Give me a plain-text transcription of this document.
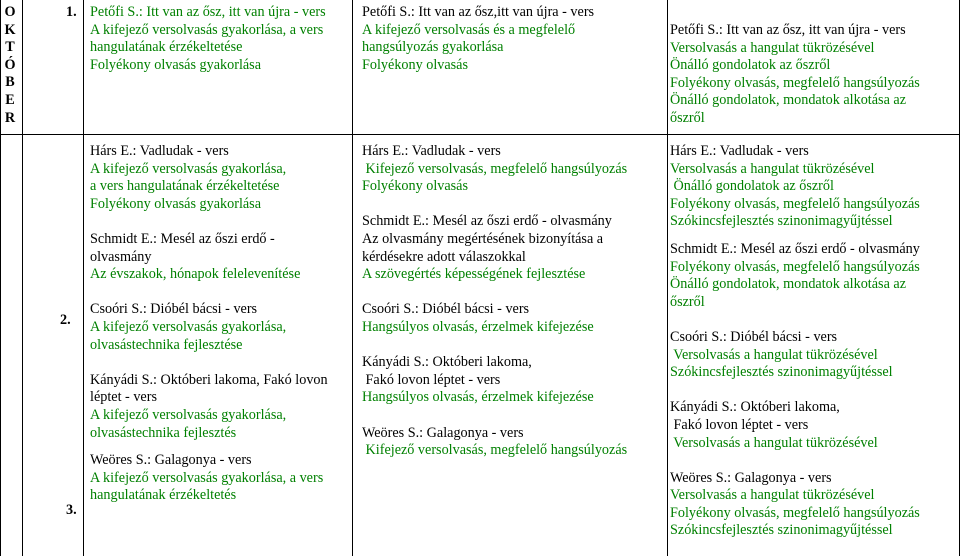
O
K
T
Ó
B
E
R
1.
2.
3.
Petőfi S.: Itt van az ősz, itt van újra - vers
A kifejező versolvasás gyakorlása, a vers
hangulatának érzékeltetése
Folyékony olvasás gyakorlása
Petőfi S.: Itt van az ősz,itt van újra - vers
A kifejező versolvasás és a megfelelő
hangsúlyozás gyakorlása
Folyékony olvasás
Petőfi S.: Itt van az ősz, itt van újra - vers
Versolvasás a hangulat tükrözésével
Önálló gondolatok az őszről
Folyékony olvasás, megfelelő hangsúlyozás
Önálló gondolatok, mondatok alkotása az
őszről
Hárs E.: Vadludak - vers
A kifejező versolvasás gyakorlása,
a vers hangulatának érzékeltetése
Folyékony olvasás gyakorlása
Schmidt E.: Mesél az őszi erdő -
olvasmány
Az évszakok, hónapok felelevenítése
Csoóri S.: Dióbél bácsi - vers
A kifejező versolvasás gyakorlása,
olvasástechnika fejlesztése
Kányádi S.: Októberi lakoma, Fakó lovon
léptet - vers
A kifejező versolvasás gyakorlása,
olvasástechnika fejlesztés
Weöres S.: Galagonya - vers
A kifejező versolvasás gyakorlása, a vers
hangulatának érzékeltetés
Hárs E.: Vadludak - vers
Kifejező versolvasás, megfelelő hangsúlyozás
Folyékony olvasás
Schmidt E.: Mesél az őszi erdő - olvasmány
Az olvasmány megértésének bizonyítása a
kérdésekre adott válaszokkal
A szövegértés képességének fejlesztése
Csoóri S.: Dióbél bácsi - vers
Hangsúlyos olvasás, érzelmek kifejezése
Kányádi S.: Októberi lakoma,
Fakó lovon léptet - vers
Hangsúlyos olvasás, érzelmek kifejezése
Weöres S.: Galagonya - vers
Kifejező versolvasás, megfelelő hangsúlyozás
Hárs E.: Vadludak - vers
Versolvasás a hangulat tükrözésével
Önálló gondolatok az őszről
Folyékony olvasás, megfelelő hangsúlyozás
Szókincsfejlesztés szinonimagyűjtéssel
Schmidt E.: Mesél az őszi erdő - olvasmány
Folyékony olvasás, megfelelő hangsúlyozás
Önálló gondolatok, mondatok alkotása az
őszről
Csoóri S.: Dióbél bácsi - vers
Versolvasás a hangulat tükrözésével
Szókincsfejlesztés szinonimagyűjtéssel
Kányádi S.: Októberi lakoma,
Fakó lovon léptet - vers
Versolvasás a hangulat tükrözésével
Weöres S.: Galagonya - vers
Versolvasás a hangulat tükrözésével
Folyékony olvasás, megfelelő hangsúlyozás
Szókincsfejlesztés szinonimagyűjtéssel
